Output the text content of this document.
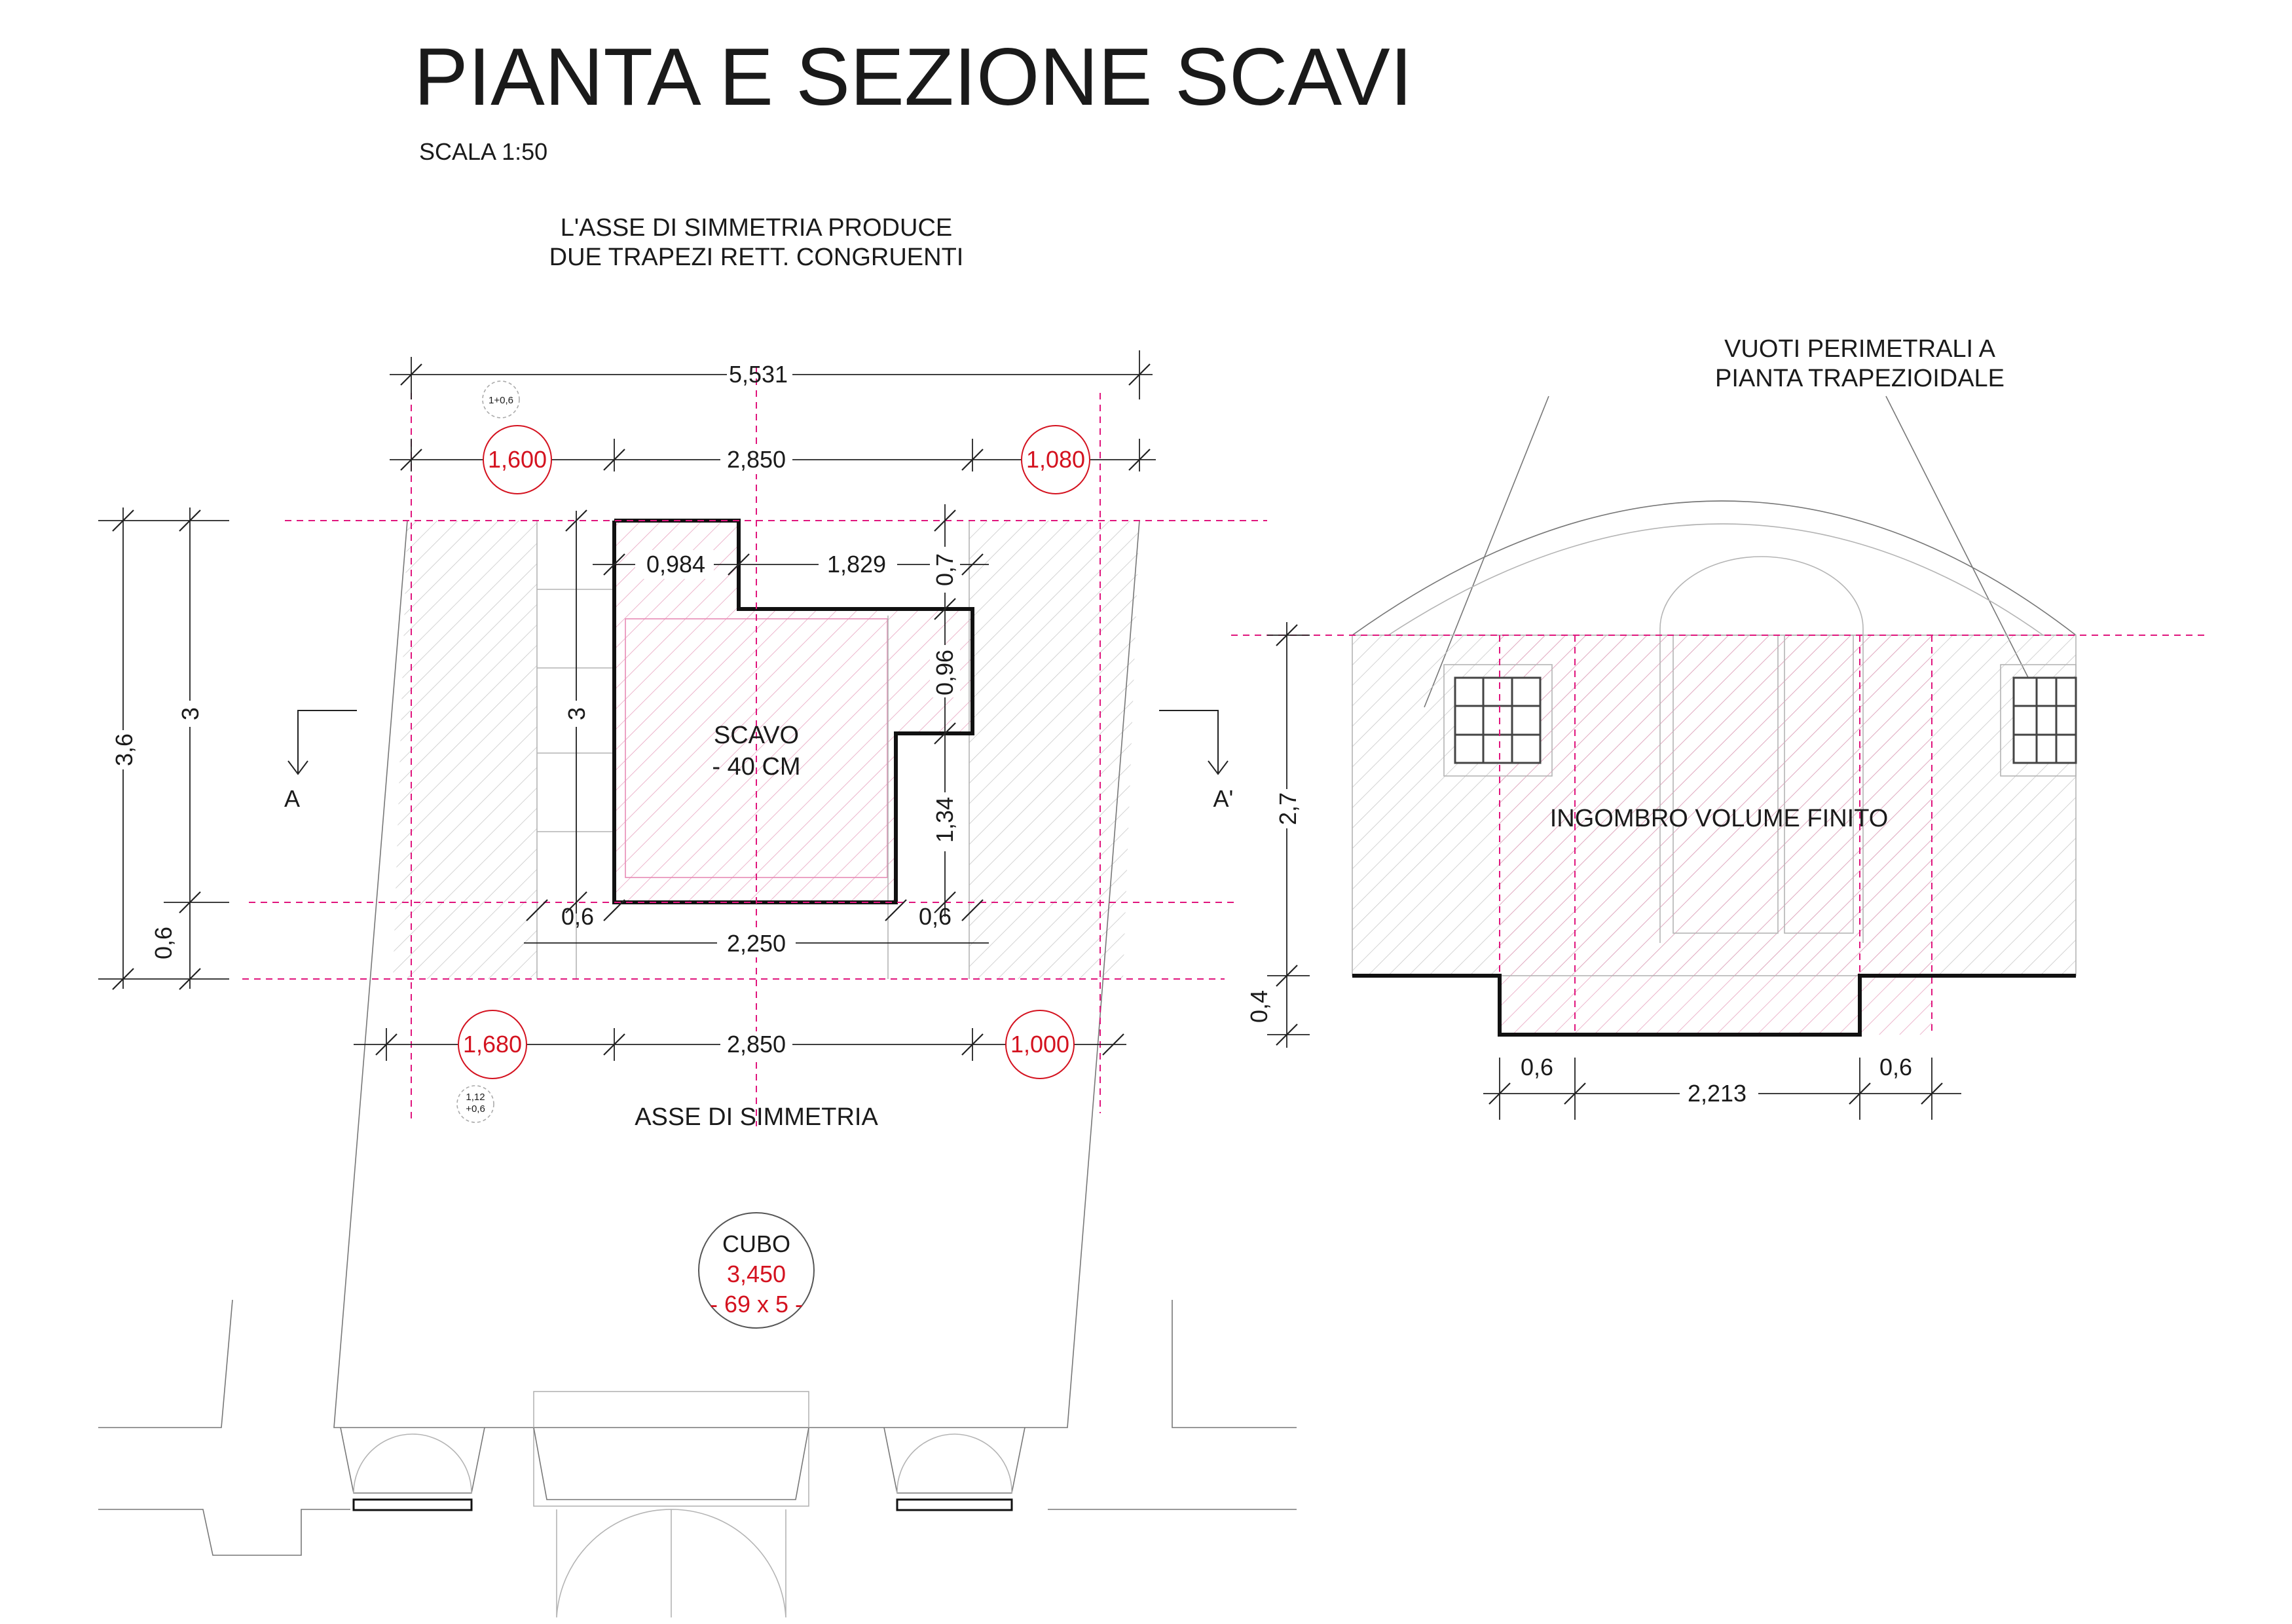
PIANTA E SEZIONE SCAVI
SCALA 1:50
L'ASSE DI SIMMETRIA PRODUCE
DUE TRAPEZI RETT. CONGRUENTI
5,531
1+0,6
2,850
1,600	1,080
0,984	1,829 0,7
0,96
1,34
3
SCAVO
- 40 CM
0,6	0,6
2,250
2,850
1,680	1,000
1,12
+0,6	ASSE DI SIMMETRIA
3,6
3
0,6
A	A'
CUBO
3,450
- 69 x 5 -
VUOTI PERIMETRALI A
PIANTA TRAPEZIOIDALE
INGOMBRO VOLUME FINITO
2,7
0,4
0,6
2,213
0,6
